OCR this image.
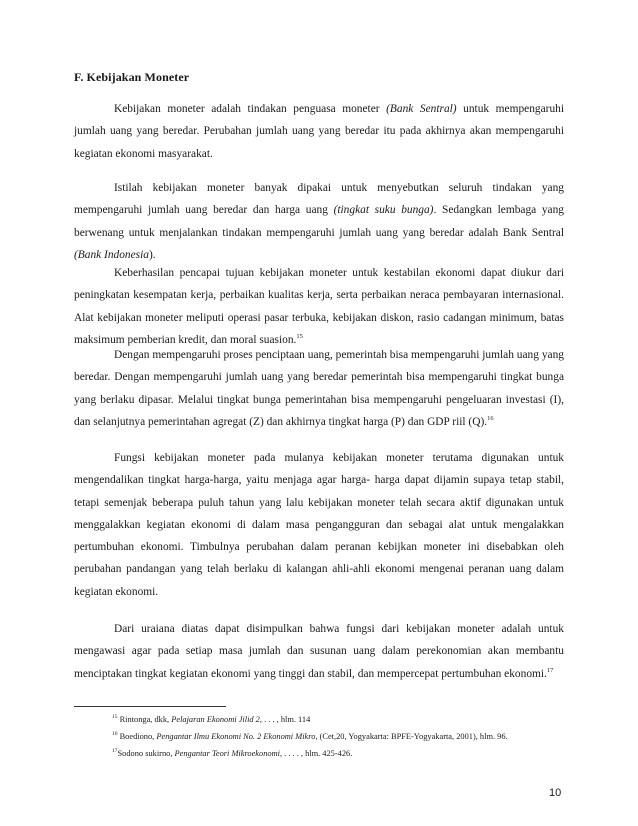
F. Kebijakan Moneter

Kebijakan moneter adalah tindakan penguasa moneter (Bank Sentral) untuk mempengaruhi jumlah uang yang beredar. Perubahan jumlah uang yang beredar itu pada akhirnya akan mempengaruhi kegiatan ekonomi masyarakat.

Istilah kebijakan moneter banyak dipakai untuk menyebutkan seluruh tindakan yang mempengaruhi jumlah uang beredar dan harga uang (tingkat suku bunga). Sedangkan lembaga yang berwenang untuk menjalankan tindakan mempengaruhi jumlah uang yang beredar adalah Bank Sentral (Bank Indonesia).

Keberhasilan pencapai tujuan kebijakan moneter untuk kestabilan ekonomi dapat diukur dari peningkatan kesempatan kerja, perbaikan kualitas kerja, serta perbaikan neraca pembayaran internasional. Alat kebijakan moneter meliputi operasi pasar terbuka, kebijakan diskon, rasio cadangan minimum, batas maksimum pemberian kredit, dan moral suasion.$^{15}$

Dengan mempengaruhi proses penciptaan uang, pemerintah bisa mempengaruhi jumlah uang yang beredar. Dengan mempengaruhi jumlah uang yang beredar pemerintah bisa mempengaruhi tingkat bunga yang berlaku dipasar. Melalui tingkat bunga pemerintahan bisa mempengaruhi pengeluaran investasi (I), dan selanjutnya pemerintahan agregat (Z) dan akhirnya tingkat harga (P) dan GDP riil (Q).$^{16}$

Fungsi kebijakan moneter pada mulanya kebijakan moneter terutama digunakan untuk mengendalikan tingkat harga-harga, yaitu menjaga agar harga- harga dapat dijamin supaya tetap stabil, tetapi semenjak beberapa puluh tahun yang lalu kebijakan moneter telah secara aktif digunakan untuk menggalakkan kegiatan ekonomi di dalam masa pengangguran dan sebagai alat untuk mengalakkan pertumbuhan ekonomi. Timbulnya perubahan dalam peranan kebijkan moneter ini disebabkan oleh perubahan pandangan yang telah berlaku di kalangan ahli-ahli ekonomi mengenai peranan uang dalam kegiatan ekonomi.

Dari uraiana diatas dapat disimpulkan bahwa fungsi dari kebijakan moneter adalah untuk mengawasi agar pada setiap masa jumlah dan susunan uang dalam perekonomian akan membantu menciptakan tingkat kegiatan ekonomi yang tinggi dan stabil, dan mempercepat pertumbuhan ekonomi.$^{17}$

$^{15}$ Rintonga, dkk, Pelajaran Ekonomi Jilid 2, . . . , hlm. 114
$^{16}$ Boediono, Pengantar Ilmu Ekonomi No. 2 Ekonomi Mikro, (Cet,20, Yogyakarta: BPFE-Yogyakarta, 2001), hlm. 96.
$^{17}$Sodono sukirno, Pengantar Teori Mikroekonomi, . . . . , hlm. 425-426.
10
